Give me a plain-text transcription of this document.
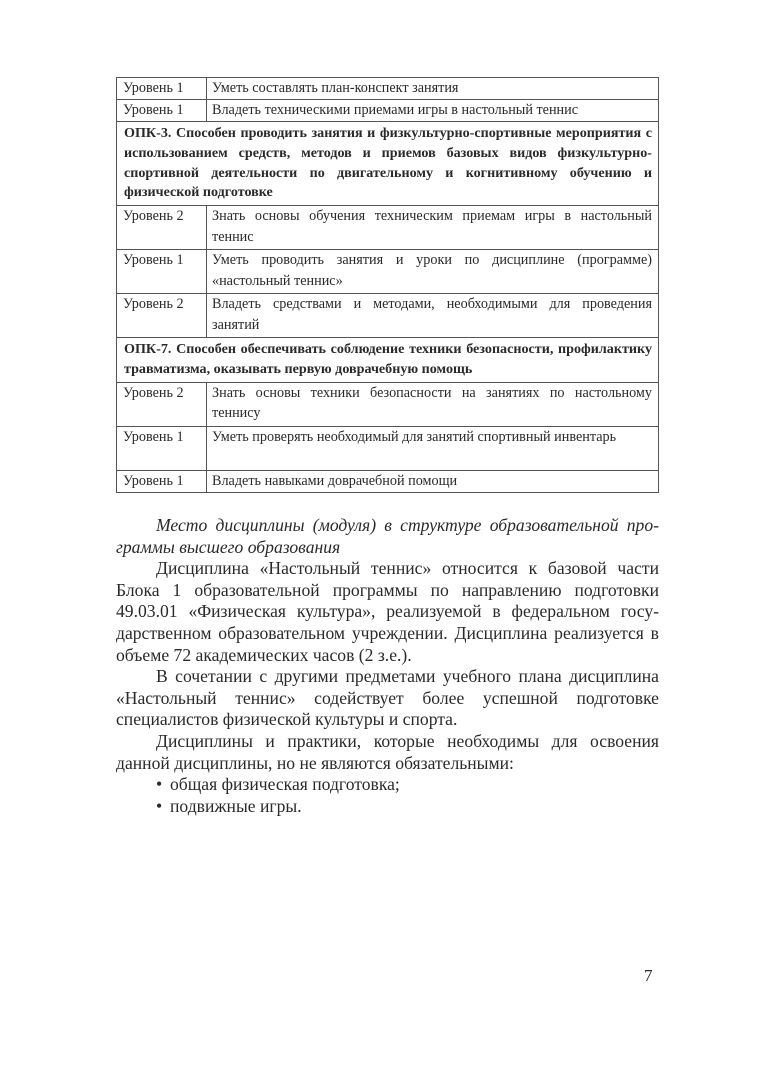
Уровень 1	Уметь составлять план-конспект занятия
Уровень 1	Владеть техническими приемами игры в настольный теннис
ОПК-3. Способен проводить занятия и физкультурно-спортивные мероприятия с использованием средств, методов и приемов базовых видов физкультурно-спортивной деятельности по двигательному и когнитивному обучению и физической подготовке	
Уровень 2	Знать основы обучения техническим приемам игры в настольный теннис
Уровень 1	Уметь проводить занятия и уроки по дисциплине (программе) «настольный теннис»
Уровень 2	Владеть средствами и методами, необходимыми для проведения занятий
ОПК-7. Способен обеспечивать соблюдение техники безопасности, профилактику травматизма, оказывать первую доврачебную помощь	
Уровень 2	Знать основы техники безопасности на занятиях по настольному теннису
Уровень 1	Уметь проверять необходимый для занятий спортивный инвентарь
Уровень 1	Владеть навыками доврачебной помощи

Место дисциплины (модуля) в структуре образовательной программы высшего образования

Дисциплина «Настольный теннис» относится к базовой части Блока 1 образовательной программы по направлению подготовки 49.03.01 «Физическая культура», реализуемой в федеральном государственном образовательном учреждении. Дисциплина реализуется в объеме 72 академических часов (2 з.е.).

В сочетании с другими предметами учебного плана дисциплина «Настольный теннис» содействует более успешной подготовке специалистов физической культуры и спорта.

Дисциплины и практики, которые необходимы для освоения данной дисциплины, но не являются обязательными:

• общая физическая подготовка;
• подвижные игры.
7
